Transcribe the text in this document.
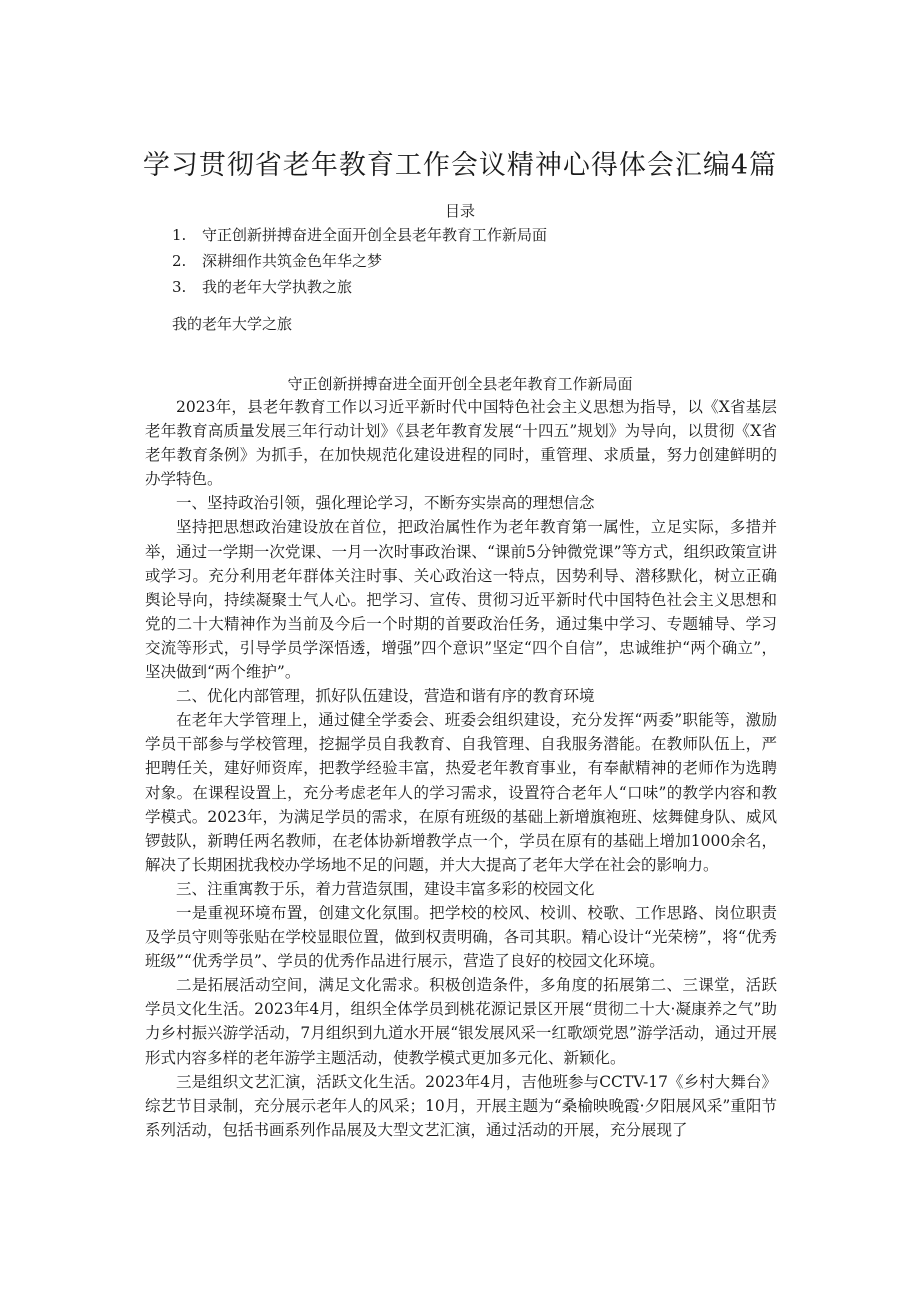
学习贯彻省老年教育工作会议精神心得体会汇编4篇
目录
1. 守正创新拼搏奋进全面开创全县老年教育工作新局面
2. 深耕细作共筑金色年华之梦
3. 我的老年大学执教之旅
我的老年大学之旅
守正创新拼搏奋进全面开创全县老年教育工作新局面

2023年，县老年教育工作以习近平新时代中国特色社会主义思想为指导，以《X省基层老年教育高质量发展三年行动计划》《县老年教育发展“十四五”规划》为导向，以贯彻《X省老年教育条例》为抓手，在加快规范化建设进程的同时，重管理、求质量，努力创建鲜明的办学特色。

一、坚持政治引领，强化理论学习，不断夯实崇高的理想信念

坚持把思想政治建设放在首位，把政治属性作为老年教育第一属性，立足实际，多措并举，通过一学期一次党课、一月一次时事政治课、“课前5分钟微党课”等方式，组织政策宣讲或学习。充分利用老年群体关注时事、关心政治这一特点，因势利导、潜移默化，树立正确舆论导向，持续凝聚士气人心。把学习、宣传、贯彻习近平新时代中国特色社会主义思想和党的二十大精神作为当前及今后一个时期的首要政治任务，通过集中学习、专题辅导、学习交流等形式，引导学员学深悟透，增强”四个意识”坚定“四个自信”，忠诚维护“两个确立”，坚决做到“两个维护”。

二、优化内部管理，抓好队伍建设，营造和谐有序的教育环境

在老年大学管理上，通过健全学委会、班委会组织建设，充分发挥“两委”职能等，激励学员干部参与学校管理，挖掘学员自我教育、自我管理、自我服务潜能。在教师队伍上，严把聘任关，建好师资库，把教学经验丰富，热爱老年教育事业，有奉献精神的老师作为选聘对象。在课程设置上，充分考虑老年人的学习需求，设置符合老年人“口味”的教学内容和教学模式。2023年，为满足学员的需求，在原有班级的基础上新增旗袍班、炫舞健身队、威风锣鼓队，新聘任两名教师，在老体协新增教学点一个，学员在原有的基础上增加1000余名，解决了长期困扰我校办学场地不足的问题，并大大提高了老年大学在社会的影响力。

三、注重寓教于乐，着力营造氛围，建设丰富多彩的校园文化

一是重视环境布置，创建文化氛围。把学校的校风、校训、校歌、工作思路、岗位职责及学员守则等张贴在学校显眼位置，做到权责明确，各司其职。精心设计“光荣榜”，将“优秀班级”“优秀学员”、学员的优秀作品进行展示，营造了良好的校园文化环境。

二是拓展活动空间，满足文化需求。积极创造条件，多角度的拓展第二、三课堂，活跃学员文化生活。2023年4月，组织全体学员到桃花源记景区开展“贯彻二十大·凝康养之气”助力乡村振兴游学活动，7月组织到九道水开展“银发展风采一红歌颂党恩”游学活动，通过开展形式内容多样的老年游学主题活动，使教学模式更加多元化、新颖化。

三是组织文艺汇演，活跃文化生活。2023年4月，吉他班参与CCTV-17《乡村大舞台》综艺节目录制，充分展示老年人的风采；10月，开展主题为“桑榆映晚霞·夕阳展风采”重阳节系列活动，包括书画系列作品展及大型文艺汇演，通过活动的开展，充分展现了
